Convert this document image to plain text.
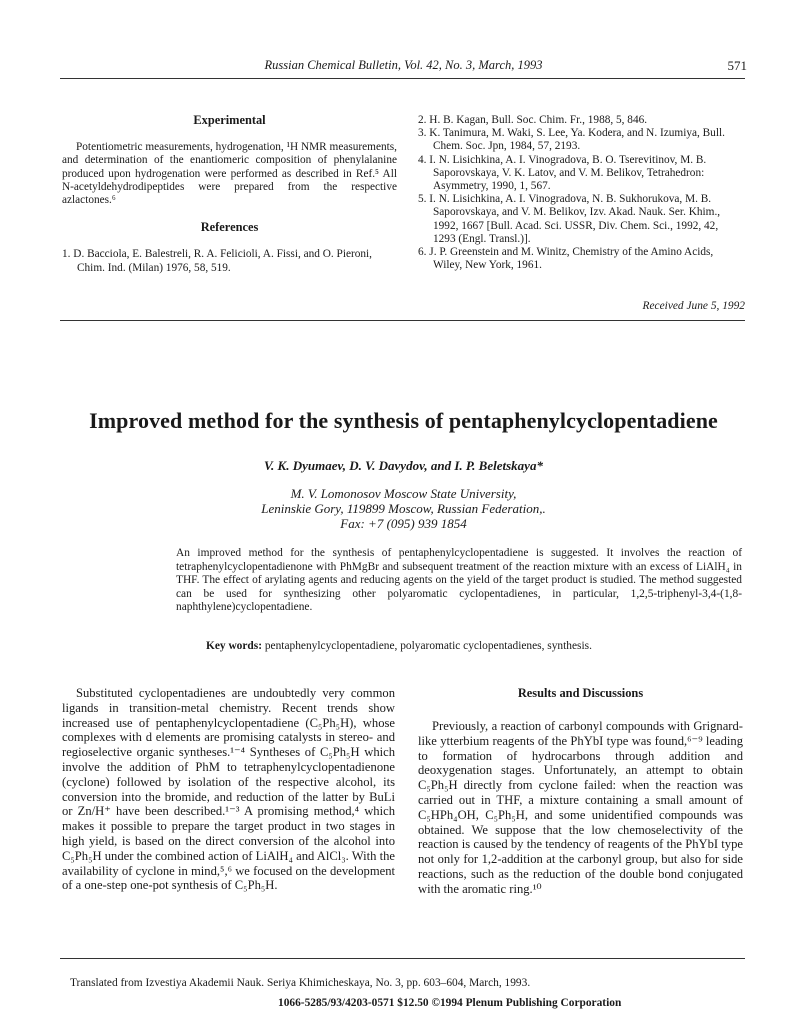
Russian Chemical Bulletin, Vol. 42, No. 3, March, 1993	571

Experimental

Potentiometric measurements, hydrogenation, ¹H NMR measurements, and determination of the enantiomeric composition of phenylalanine produced upon hydrogenation were performed as described in Ref.⁵ All N-acetyldehydrodipeptides were prepared from the respective azlactones.⁶

References

1. D. Bacciola, E. Balestreli, R. A. Felicioli, A. Fissi, and O. Pieroni, Chim. Ind. (Milan) 1976, 58, 519.

2. H. B. Kagan, Bull. Soc. Chim. Fr., 1988, 5, 846.

3. K. Tanimura, M. Waki, S. Lee, Ya. Kodera, and N. Izumiya, Bull. Chem. Soc. Jpn, 1984, 57, 2193.

4. I. N. Lisichkina, A. I. Vinogradova, B. O. Tserevitinov, M. B. Saporovskaya, V. K. Latov, and V. M. Belikov, Tetrahedron: Asymmetry, 1990, 1, 567.

5. I. N. Lisichkina, A. I. Vinogradova, N. B. Sukhorukova, M. B. Saporovskaya, and V. M. Belikov, Izv. Akad. Nauk. Ser. Khim., 1992, 1667 [Bull. Acad. Sci. USSR, Div. Chem. Sci., 1992, 42, 1293 (Engl. Transl.)].

6. J. P. Greenstein and M. Winitz, Chemistry of the Amino Acids, Wiley, New York, 1961.

Received June 5, 1992
Improved method for the synthesis of pentaphenylcyclopentadiene
V. K. Dyumaev, D. V. Davydov, and I. P. Beletskaya*
M. V. Lomonosov Moscow State University,
Leninskie Gory, 119899 Moscow, Russian Federation,.
Fax: +7 (095) 939 1854
An improved method for the synthesis of pentaphenylcyclopentadiene is suggested. It involves the reaction of tetraphenylcyclopentadienone with PhMgBr and subsequent treatment of the reaction mixture with an excess of LiAlH₄ in THF. The effect of arylating agents and reducing agents on the yield of the target product is studied. The method suggested can be used for synthesizing other polyaromatic cyclopentadienes, in particular, 1,2,5-triphenyl-3,4-(1,8-naphthylene)cyclopentadiene.
Key words: pentaphenylcyclopentadiene, polyaromatic cyclopentadienes, synthesis.
Substituted cyclopentadienes are undoubtedly very common ligands in transition-metal chemistry. Recent trends show increased use of pentaphenylcyclopentadiene (C₅Ph₅H), whose complexes with d elements are promising catalysts in stereo- and regioselective organic syntheses.¹⁻⁴ Syntheses of C₅Ph₅H which involve the addition of PhM to tetraphenylcyclopentadienone (cyclone) followed by isolation of the respective alcohol, its conversion into the bromide, and reduction of the latter by BuLi or Zn/H⁺ have been described.¹⁻³ A promising method,⁴ which makes it possible to prepare the target product in two stages in high yield, is based on the direct conversion of the alcohol into C₅Ph₅H under the combined action of LiAlH₄ and AlCl₃. With the availability of cyclone in mind,⁵,⁶ we focused on the development of a one-step one-pot synthesis of C₅Ph₅H.
Results and Discussions
Previously, a reaction of carbonyl compounds with Grignard-like ytterbium reagents of the PhYbI type was found,⁶⁻⁹ leading to formation of hydrocarbons through addition and deoxygenation stages. Unfortunately, an attempt to obtain C₅Ph₅H directly from cyclone failed: when the reaction was carried out in THF, a mixture containing a small amount of C₅HPh₄OH, C₅Ph₅H, and some unidentified compounds was obtained. We suppose that the low chemoselectivity of the reaction is caused by the tendency of reagents of the PhYbI type not only for 1,2-addition at the carbonyl group, but also for side reactions, such as the reduction of the double bond conjugated with the aromatic ring.¹⁰
Translated from Izvestiya Akademii Nauk. Seriya Khimicheskaya, No. 3, pp. 603–604, March, 1993.
1066-5285/93/4203-0571 $12.50 ©1994 Plenum Publishing Corporation
